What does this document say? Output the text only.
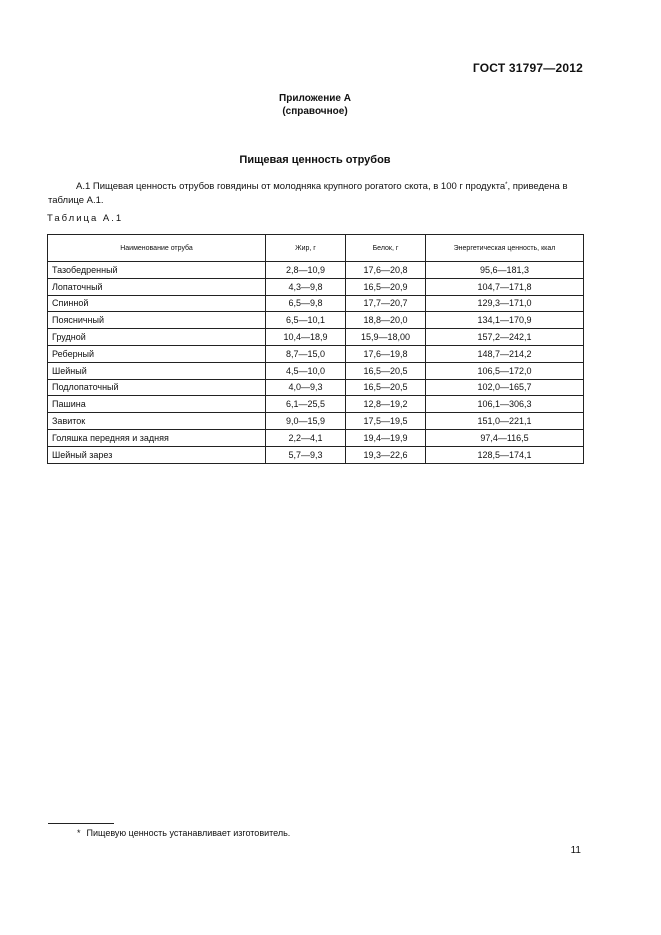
ГОСТ 31797—2012
Приложение А
(справочное)
Пищевая ценность отрубов
А.1 Пищевая ценность отрубов говядины от молодняка крупного рогатого скота, в 100 г продукта*, приведена в таблице А.1.
Таблица А.1
Наименование отруба	Жир, г	Белок, г	Энергетическая ценность, ккал
Тазобедренный	2,8—10,9	17,6—20,8	95,6—181,3
Лопаточный	4,3—9,8	16,5—20,9	104,7—171,8
Спинной	6,5—9,8	17,7—20,7	129,3—171,0
Поясничный	6,5—10,1	18,8—20,0	134,1—170,9
Грудной	10,4—18,9	15,9—18,00	157,2—242,1
Реберный	8,7—15,0	17,6—19,8	148,7—214,2
Шейный	4,5—10,0	16,5—20,5	106,5—172,0
Подлопаточный	4,0—9,3	16,5—20,5	102,0—165,7
Пашина	6,1—25,5	12,8—19,2	106,1—306,3
Завиток	9,0—15,9	17,5—19,5	151,0—221,1
Голяшка передняя и задняя	2,2—4,1	19,4—19,9	97,4—116,5
Шейный зарез	5,7—9,3	19,3—22,6	128,5—174,1
* Пищевую ценность устанавливает изготовитель.
11
